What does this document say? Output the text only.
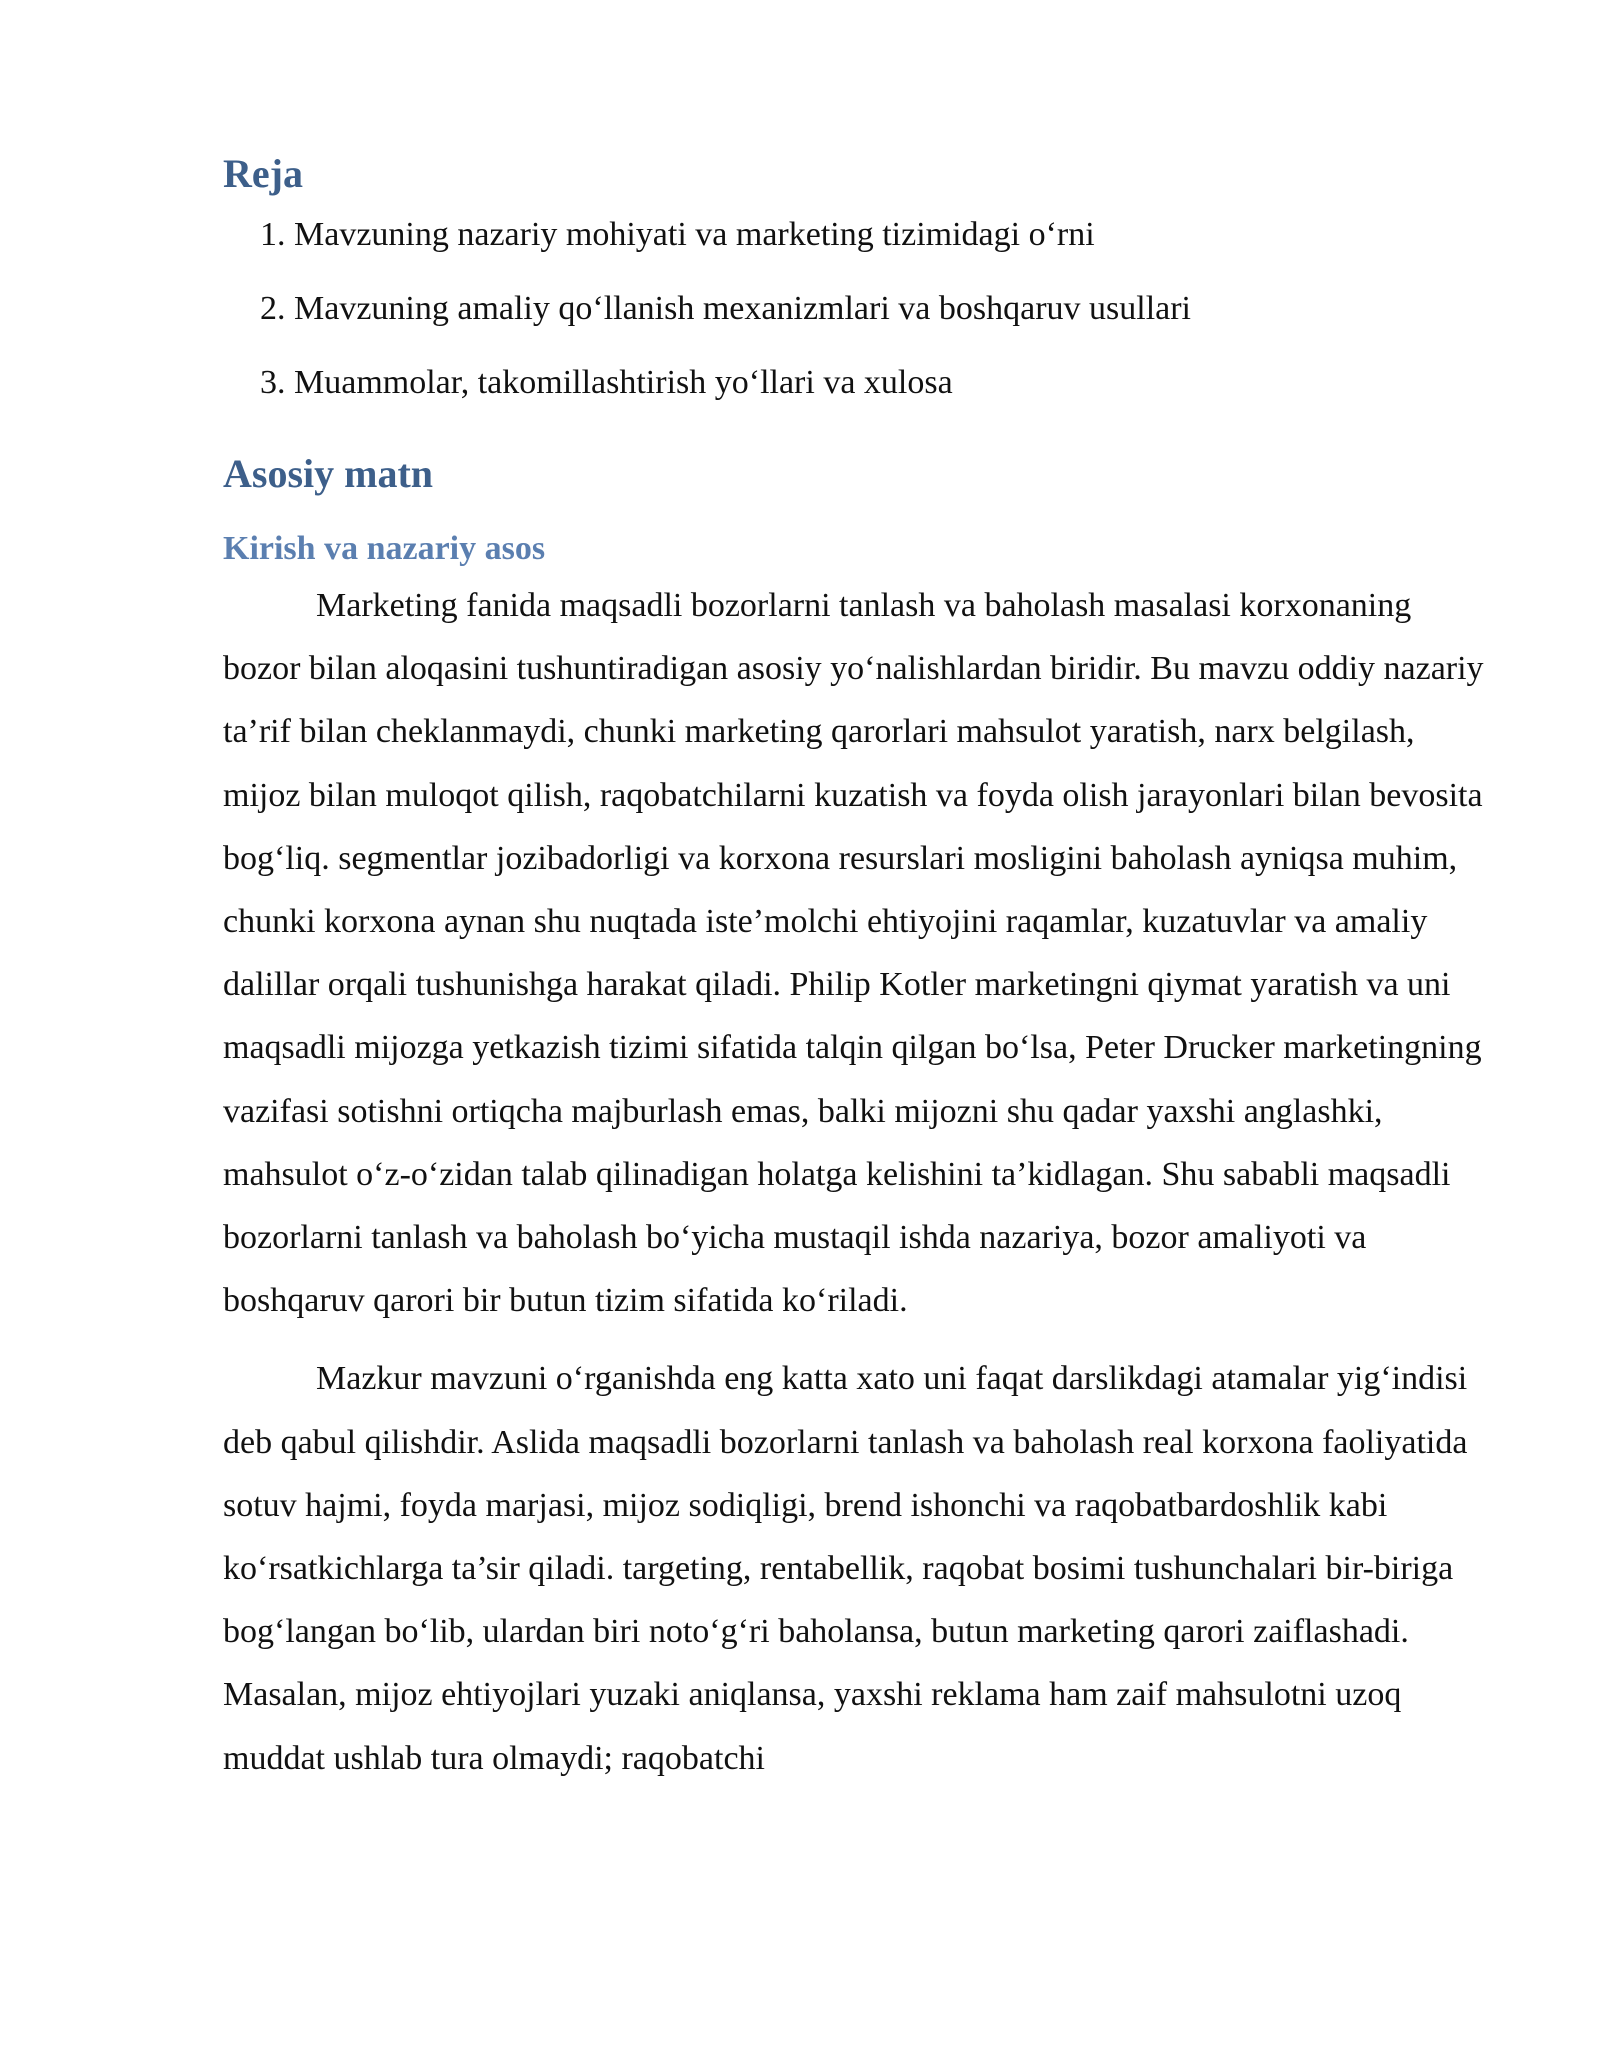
Reja
1. Mavzuning nazariy mohiyati va marketing tizimidagi o‘rni
2. Mavzuning amaliy qo‘llanish mexanizmlari va boshqaruv usullari
3. Muammolar, takomillashtirish yo‘llari va xulosa
Asosiy matn
Kirish va nazariy asos

Marketing fanida maqsadli bozorlarni tanlash va baholash masalasi korxonaning bozor bilan aloqasini tushuntiradigan asosiy yo‘nalishlardan biridir. Bu mavzu oddiy nazariy ta’rif bilan cheklanmaydi, chunki marketing qarorlari mahsulot yaratish, narx belgilash, mijoz bilan muloqot qilish, raqobatchilarni kuzatish va foyda olish jarayonlari bilan bevosita bog‘liq. segmentlar jozibadorligi va korxona resurslari mosligini baholash ayniqsa muhim, chunki korxona aynan shu nuqtada iste’molchi ehtiyojini raqamlar, kuzatuvlar va amaliy dalillar orqali tushunishga harakat qiladi. Philip Kotler marketingni qiymat yaratish va uni maqsadli mijozga yetkazish tizimi sifatida talqin qilgan bo‘lsa, Peter Drucker marketingning vazifasi sotishni ortiqcha majburlash emas, balki mijozni shu qadar yaxshi anglashki, mahsulot o‘z-o‘zidan talab qilinadigan holatga kelishini ta’kidlagan. Shu sababli maqsadli bozorlarni tanlash va baholash bo‘yicha mustaqil ishda nazariya, bozor amaliyoti va boshqaruv qarori bir butun tizim sifatida ko‘riladi.

Mazkur mavzuni o‘rganishda eng katta xato uni faqat darslikdagi atamalar yig‘indisi deb qabul qilishdir. Aslida maqsadli bozorlarni tanlash va baholash real korxona faoliyatida sotuv hajmi, foyda marjasi, mijoz sodiqligi, brend ishonchi va raqobatbardoshlik kabi ko‘rsatkichlarga ta’sir qiladi. targeting, rentabellik, raqobat bosimi tushunchalari bir-biriga bog‘langan bo‘lib, ulardan biri noto‘g‘ri baholansa, butun marketing qarori zaiflashadi. Masalan, mijoz ehtiyojlari yuzaki aniqlansa, yaxshi reklama ham zaif mahsulotni uzoq muddat ushlab tura olmaydi; raqobatchi
